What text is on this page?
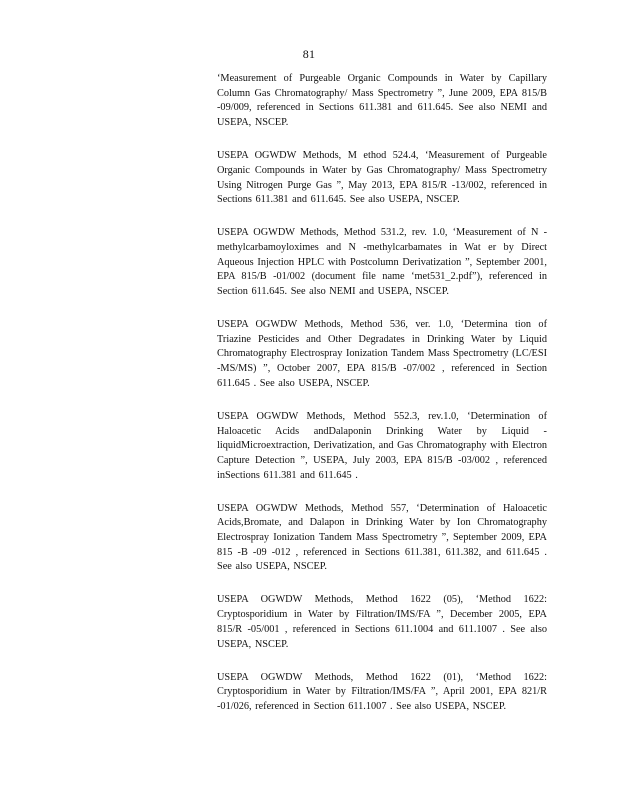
81

‘Measurement of Purgeable Organic Compounds in Water by Capillary Column Gas Chromatography/ Mass Spectrometry ”, June 2009, EPA 815/B -09/009, referenced in Sections 611.381 and 611.645. See also NEMI and USEPA, NSCEP.

USEPA OGWDW Methods, M ethod 524.4, ‘Measurement of Purgeable Organic Compounds in Water by Gas Chromatography/ Mass Spectrometry Using Nitrogen Purge Gas ”, May 2013, EPA 815/R -13/002, referenced in Sections 611.381 and 611.645. See also USEPA, NSCEP.

USEPA OGWDW Methods, Method 531.2, rev. 1.0, ‘Measurement of N -methylcarbamoyloximes and N -methylcarbamates in Wat er by Direct Aqueous Injection HPLC with Postcolumn Derivatization ”, September 2001, EPA 815/B -01/002 (document file name ‘met531_2.pdf”), referenced in Section 611.645. See also NEMI and USEPA, NSCEP.

USEPA OGWDW Methods, Method 536, ver. 1.0, ‘Determina tion of Triazine Pesticides and Other Degradates in Drinking Water by Liquid Chromatography Electrospray Ionization Tandem Mass Spectrometry (LC/ESI -MS/MS) ”, October 2007, EPA 815/B -07/002 , referenced in Section 611.645 . See also USEPA, NSCEP.

USEPA OGWDW Methods, Method 552.3, rev.1.0, ‘Determination of Haloacetic Acids andDalaponin Drinking Water by Liquid -liquidMicroextraction, Derivatization, and Gas Chromatography with Electron Capture Detection ”, USEPA, July 2003, EPA 815/B -03/002 , referenced inSections 611.381 and 611.645 .

USEPA OGWDW Methods, Method 557, ‘Determination of Haloacetic Acids,Bromate, and Dalapon in Drinking Water by Ion Chromatography Electrospray Ionization Tandem Mass Spectrometry ”, September 2009, EPA 815 -B -09 -012 , referenced in Sections 611.381, 611.382, and 611.645 . See also USEPA, NSCEP.

USEPA OGWDW Methods, Method 1622 (05), ‘Method 1622: Cryptosporidium in Water by Filtration/IMS/FA ”, December 2005, EPA 815/R -05/001 , referenced in Sections 611.1004 and 611.1007 . See also USEPA, NSCEP.

USEPA OGWDW Methods, Method 1622 (01), ‘Method 1622: Cryptosporidium in Water by Filtration/IMS/FA ”, April 2001, EPA 821/R -01/026, referenced in Section 611.1007 . See also USEPA, NSCEP.
